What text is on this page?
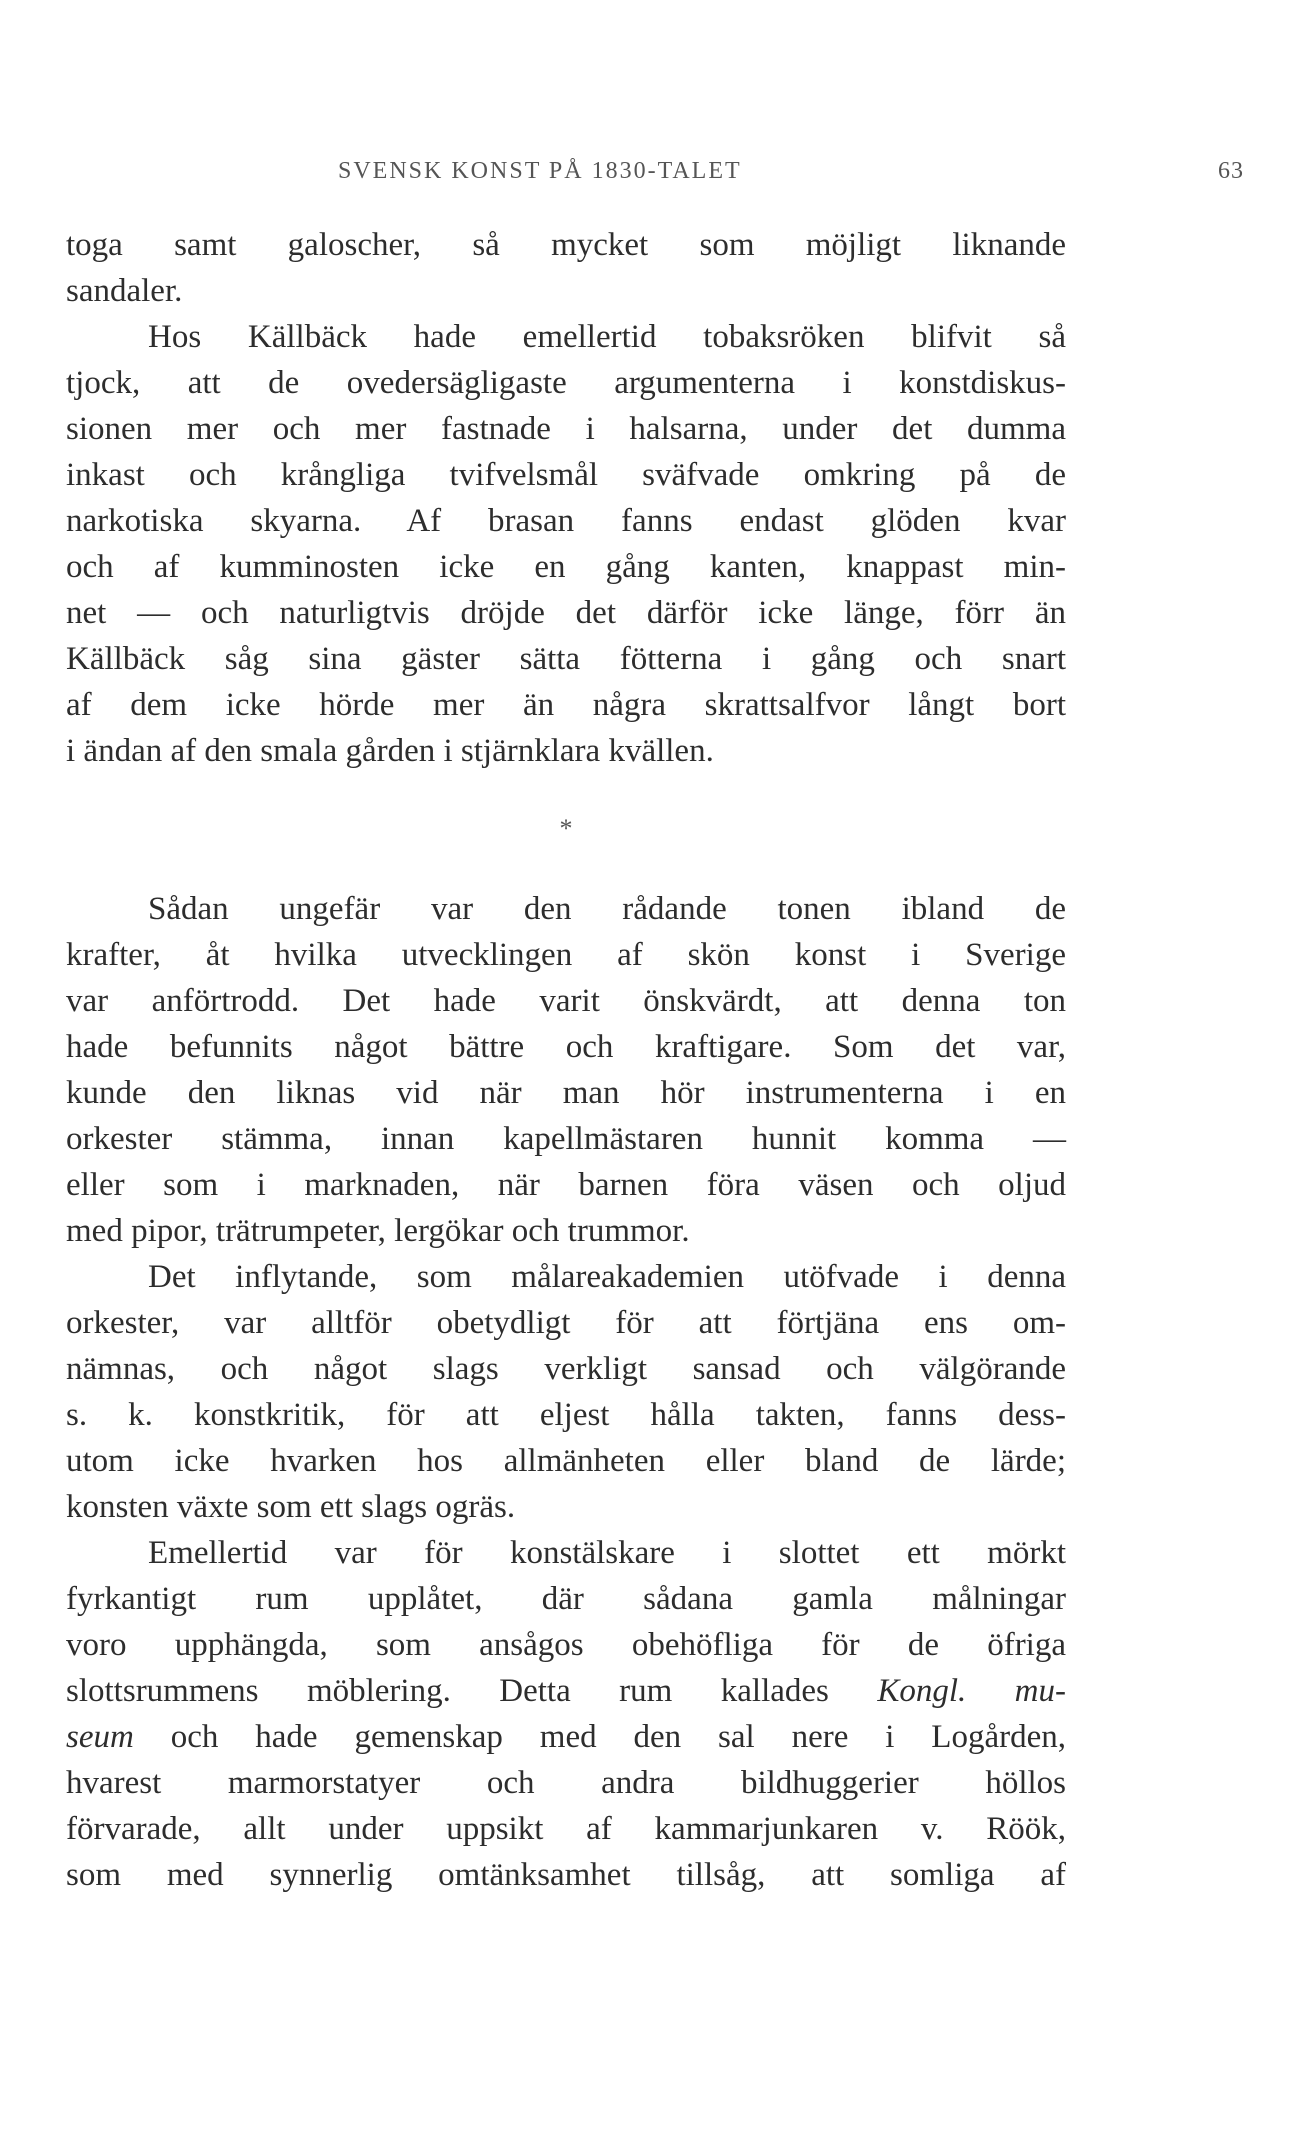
SVENSK KONST PÅ 1830-TALET	63
toga samt galoscher, så mycket som möjligt liknande
sandaler.
Hos Källbäck hade emellertid tobaksröken blifvit så
tjock, att de ovedersägligaste argumenterna i konstdiskus-
sionen mer och mer fastnade i halsarna, under det dumma
inkast och krångliga tvifvelsmål sväfvade omkring på de
narkotiska skyarna. Af brasan fanns endast glöden kvar
och af kumminosten icke en gång kanten, knappast min-
net — och naturligtvis dröjde det därför icke länge, förr än
Källbäck såg sina gäster sätta fötterna i gång och snart
af dem icke hörde mer än några skrattsalfvor långt bort
i ändan af den smala gården i stjärnklara kvällen.
*
Sådan ungefär var den rådande tonen ibland de
krafter, åt hvilka utvecklingen af skön konst i Sverige
var anförtrodd. Det hade varit önskvärdt, att denna ton
hade befunnits något bättre och kraftigare. Som det var,
kunde den liknas vid när man hör instrumenterna i en
orkester stämma, innan kapellmästaren hunnit komma —
eller som i marknaden, när barnen föra väsen och oljud
med pipor, trätrumpeter, lergökar och trummor.
Det inflytande, som målareakademien utöfvade i denna
orkester, var alltför obetydligt för att förtjäna ens om-
nämnas, och något slags verkligt sansad och välgörande
s. k. konstkritik, för att eljest hålla takten, fanns dess-
utom icke hvarken hos allmänheten eller bland de lärde;
konsten växte som ett slags ogräs.
Emellertid var för konstälskare i slottet ett mörkt
fyrkantigt rum upplåtet, där sådana gamla målningar
voro upphängda, som ansågos obehöfliga för de öfriga
slottsrummens möblering. Detta rum kallades Kongl. mu-
seum och hade gemenskap med den sal nere i Logården,
hvarest marmorstatyer och andra bildhuggerier höllos
förvarade, allt under uppsikt af kammarjunkaren v. Röök,
som med synnerlig omtänksamhet tillsåg, att somliga af
